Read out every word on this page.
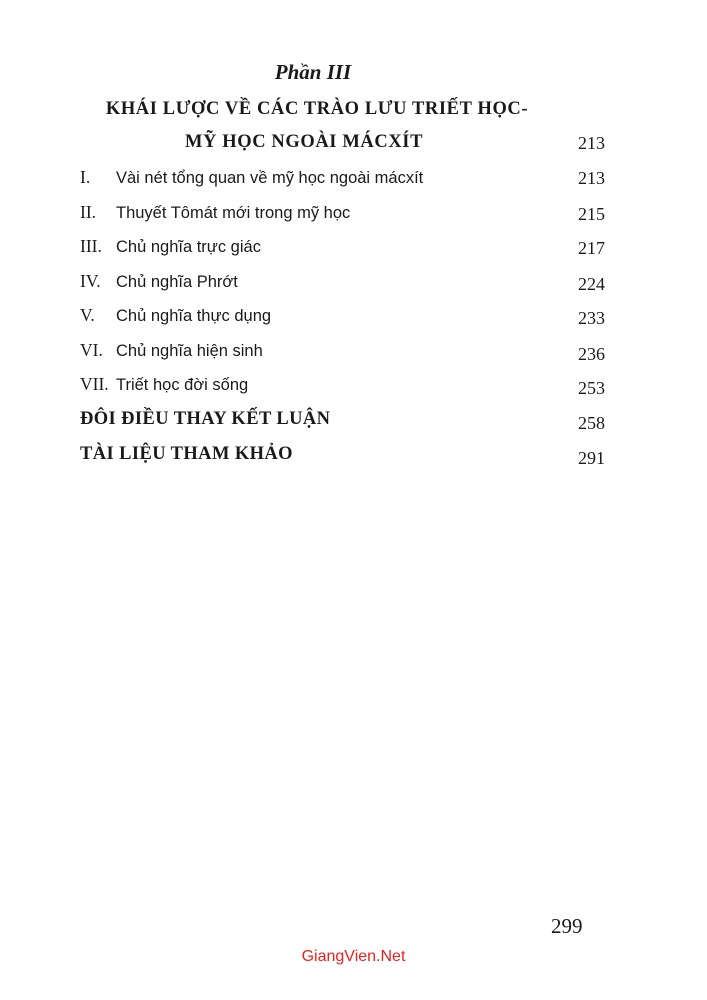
Phần III
KHÁI LƯỢC VỀ CÁC TRÀO LƯU TRIẾT HỌC-
MỸ HỌC NGOÀI MÁCXÍT	213
I. Vài nét tổng quan về mỹ học ngoài mácxít	213
II. Thuyết Tômát mới trong mỹ học	215
III. Chủ nghĩa trực giác	217
IV. Chủ nghĩa Phrớt	224
V. Chủ nghĩa thực dụng	233
VI. Chủ nghĩa hiện sinh	236
VII. Triết học đời sống	253
ĐÔI ĐIỀU THAY KẾT LUẬN	258
TÀI LIỆU THAM KHẢO	291
299
GiangVien.Net
